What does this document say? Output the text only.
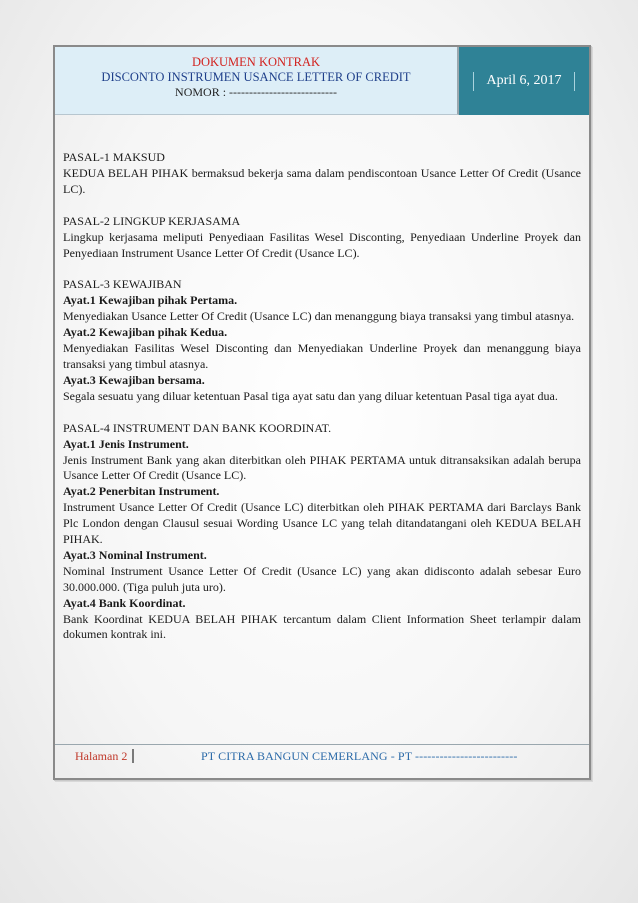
DOKUMEN KONTRAK
DISCONTO INSTRUMEN USANCE LETTER OF CREDIT
NOMOR : ---------------------------
April 6, 2017

PASAL-1 MAKSUD

KEDUA BELAH PIHAK bermaksud bekerja sama dalam pendiscontoan Usance Letter Of Credit (Usance LC).

PASAL-2 LINGKUP KERJASAMA

Lingkup kerjasama meliputi Penyediaan Fasilitas Wesel Disconting, Penyediaan Underline Proyek dan Penyediaan Instrument Usance Letter Of Credit (Usance LC).

PASAL-3 KEWAJIBAN

Ayat.1 Kewajiban pihak Pertama.

Menyediakan Usance Letter Of Credit (Usance LC) dan menanggung biaya transaksi yang timbul atasnya.

Ayat.2 Kewajiban pihak Kedua.

Menyediakan Fasilitas Wesel Disconting dan Menyediakan Underline Proyek dan menanggung biaya transaksi yang timbul atasnya.

Ayat.3 Kewajiban bersama.

Segala sesuatu yang diluar ketentuan Pasal tiga ayat satu dan yang diluar ketentuan Pasal tiga ayat dua.

PASAL-4 INSTRUMENT DAN BANK KOORDINAT.

Ayat.1 Jenis Instrument.

Jenis Instrument Bank yang akan diterbitkan oleh PIHAK PERTAMA untuk ditransaksikan adalah berupa Usance Letter Of Credit (Usance LC).

Ayat.2 Penerbitan Instrument.

Instrument Usance Letter Of Credit (Usance LC) diterbitkan oleh PIHAK PERTAMA dari Barclays Bank Plc London dengan Clausul sesuai Wording Usance LC yang telah ditandatangani oleh KEDUA BELAH PIHAK.

Ayat.3 Nominal Instrument.

Nominal Instrument Usance Letter Of Credit (Usance LC) yang akan didisconto adalah sebesar Euro 30.000.000. (Tiga puluh juta uro).

Ayat.4 Bank Koordinat.

Bank Koordinat KEDUA BELAH PIHAK tercantum dalam Client Information Sheet terlampir dalam dokumen kontrak ini.

Halaman 2	PT CITRA BANGUN CEMERLANG - PT -------------------------
